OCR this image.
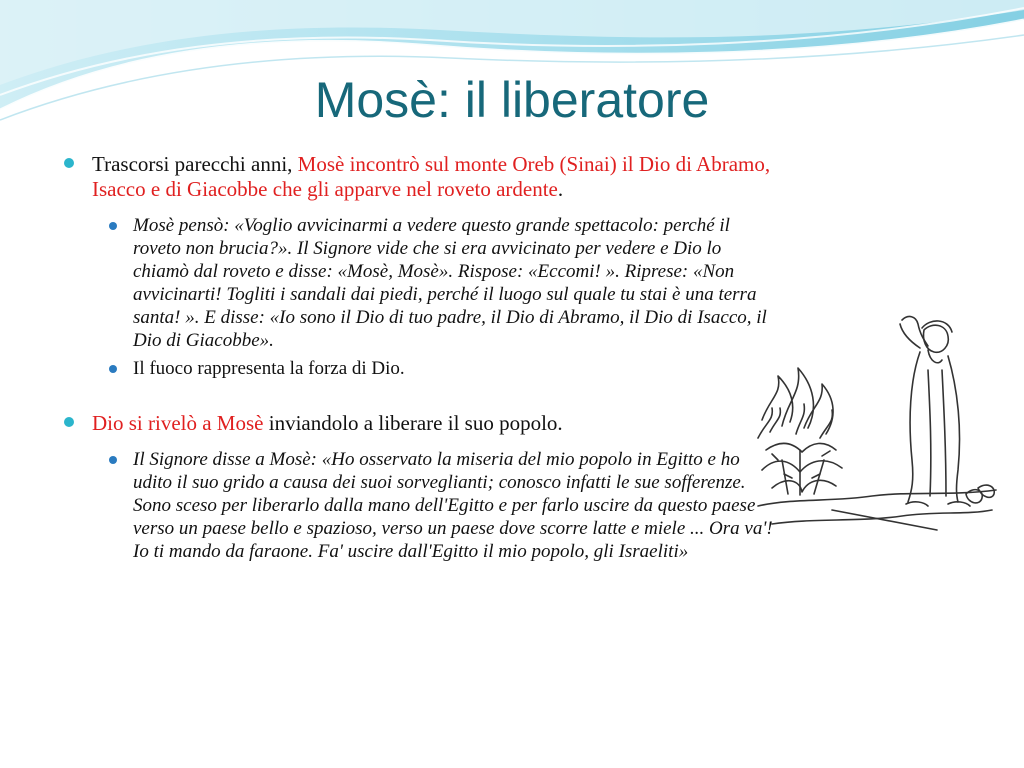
Mosè: il liberatore
Trascorsi parecchi anni, Mosè incontrò sul monte Oreb (Sinai) il Dio di Abramo, Isacco e di Giacobbe che gli apparve nel roveto ardente.
Mosè pensò: «Voglio avvicinarmi a vedere questo grande spettacolo: perché il roveto non brucia?». Il Signore vide che si era avvicinato per vedere e Dio lo chiamò dal roveto e disse: «Mosè, Mosè». Rispose: «Eccomi! ». Riprese: «Non avvicinarti! Togliti i sandali dai piedi, perché il luogo sul quale tu stai è una terra santa! ». E disse: «Io sono il Dio di tuo padre, il Dio di Abramo, il Dio di Isacco, il Dio di Giacobbe».
Il fuoco rappresenta la forza di Dio.
Dio si rivelò a Mosè inviandolo a liberare il suo popolo.
Il Signore disse a Mosè: «Ho osservato la miseria del mio popolo in Egitto e ho udito il suo grido a causa dei suoi sorveglianti; conosco infatti le sue sofferenze. Sono sceso per liberarlo dalla mano dell'Egitto e per farlo uscire da questo paese verso un paese bello e spazioso, verso un paese dove scorre latte e miele ... Ora va'! Io ti mando da faraone. Fa' uscire dall'Egitto il mio popolo, gli Israeliti»
